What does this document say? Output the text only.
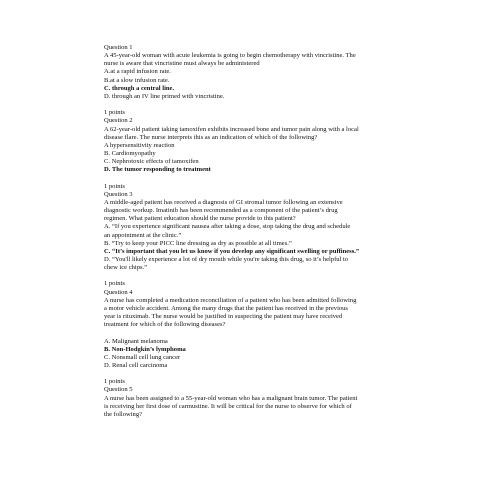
Question 1
A 45-year-old woman with acute leukemia is going to begin chemotherapy with vincristine. The
nurse is aware that vincristine must always be administered
A.at a rapid infusion rate.
B.at a slow infusion rate.
C. through a central line.
D. through an IV line primed with vincristine.
1 points
Question 2
A 62-year-old patient taking tamoxifen exhibits increased bone and tumor pain along with a local
disease flare. The nurse interprets this as an indication of which of the following?
A hypersensitivity reaction
B. Cardiomyopathy
C. Nephrotoxic effects of tamoxifen
D. The tumor responding to treatment
1 points
Question 3
A middle-aged patient has received a diagnosis of GI stromal tumor following an extensive
diagnostic workup. Imatinib has been recommended as a component of the patient’s drug
regimen. What patient education should the nurse provide to this patient?
A. “If you experience significant nausea after taking a dose, stop taking the drug and schedule
an appointment at the clinic.”
B. “Try to keep your PICC line dressing as dry as possible at all times.”
C. “It’s important that you let us know if you develop any significant swelling or puffiness.”
D. “You'll likely experience a lot of dry mouth while you're taking this drug, so it’s helpful to
chew ice chips.”
1 points
Question 4
A nurse has completed a medication reconciliation of a patient who has been admitted following
a motor vehicle accident. Among the many drugs that the patient has received in the previous
year is rituximab. The nurse would be justified in suspecting the patient may have received
treatment for which of the following diseases?
A. Malignant melanoma
B. Non-Hodgkin’s lymphoma
C. Nonsmall cell lung cancer
D. Renal cell carcinoma
1 points
Question 5
A nurse has been assigned to a 55-year-old woman who has a malignant brain tumor. The patient
is receiving her first dose of carmustine. It will be critical for the nurse to observe for which of
the following?
